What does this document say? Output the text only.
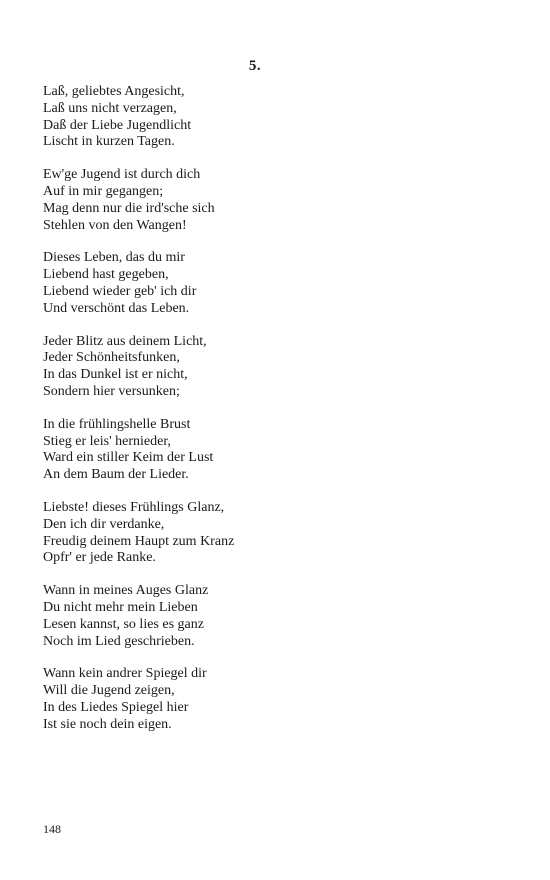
5.
Laß, geliebtes Angesicht,
Laß uns nicht verzagen,
Daß der Liebe Jugendlicht
Lischt in kurzen Tagen.
Ew'ge Jugend ist durch dich
Auf in mir gegangen;
Mag denn nur die ird'sche sich
Stehlen von den Wangen!
Dieses Leben, das du mir
Liebend hast gegeben,
Liebend wieder geb' ich dir
Und verschönt das Leben.
Jeder Blitz aus deinem Licht,
Jeder Schönheitsfunken,
In das Dunkel ist er nicht,
Sondern hier versunken;
In die frühlingshelle Brust
Stieg er leis' hernieder,
Ward ein stiller Keim der Lust
An dem Baum der Lieder.
Liebste! dieses Frühlings Glanz,
Den ich dir verdanke,
Freudig deinem Haupt zum Kranz
Opfr' er jede Ranke.
Wann in meines Auges Glanz
Du nicht mehr mein Lieben
Lesen kannst, so lies es ganz
Noch im Lied geschrieben.
Wann kein andrer Spiegel dir
Will die Jugend zeigen,
In des Liedes Spiegel hier
Ist sie noch dein eigen.
148
